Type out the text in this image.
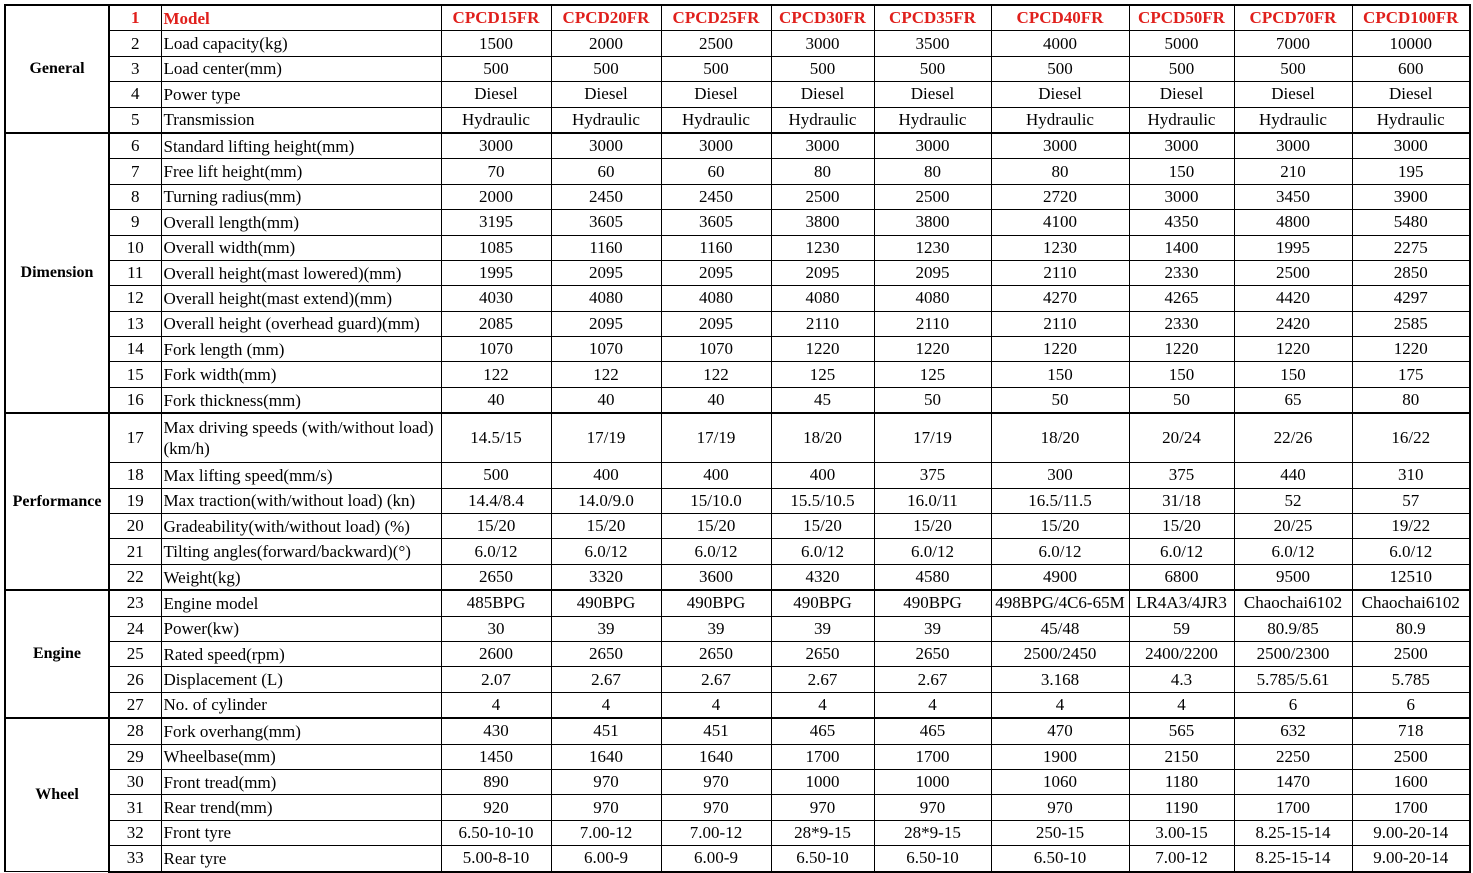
General	1	Model	CPCD15FR	CPCD20FR	CPCD25FR	CPCD30FR	CPCD35FR	CPCD40FR	CPCD50FR	CPCD70FR	CPCD100FR
	2	Load capacity(kg)	1500	2000	2500	3000	3500	4000	5000	7000	10000
	3	Load center(mm)	500	500	500	500	500	500	500	500	600
	4	Power type	Diesel	Diesel	Diesel	Diesel	Diesel	Diesel	Diesel	Diesel	Diesel
	5	Transmission	Hydraulic	Hydraulic	Hydraulic	Hydraulic	Hydraulic	Hydraulic	Hydraulic	Hydraulic	Hydraulic
Dimension	6	Standard lifting height(mm)	3000	3000	3000	3000	3000	3000	3000	3000	3000
	7	Free lift height(mm)	70	60	60	80	80	80	150	210	195
	8	Turning radius(mm)	2000	2450	2450	2500	2500	2720	3000	3450	3900
	9	Overall length(mm)	3195	3605	3605	3800	3800	4100	4350	4800	5480
	10	Overall width(mm)	1085	1160	1160	1230	1230	1230	1400	1995	2275
	11	Overall height(mast lowered)(mm)	1995	2095	2095	2095	2095	2110	2330	2500	2850
	12	Overall height(mast extend)(mm)	4030	4080	4080	4080	4080	4270	4265	4420	4297
	13	Overall height (overhead guard)(mm)	2085	2095	2095	2110	2110	2110	2330	2420	2585
	14	Fork length (mm)	1070	1070	1070	1220	1220	1220	1220	1220	1220
	15	Fork width(mm)	122	122	122	125	125	150	150	150	175
	16	Fork thickness(mm)	40	40	40	45	50	50	50	65	80
Performance	17	Max driving speeds (with/without load) (km/h)	14.5/15	17/19	17/19	18/20	17/19	18/20	20/24	22/26	16/22
	18	Max lifting speed(mm/s)	500	400	400	400	375	300	375	440	310
	19	Max traction(with/without load) (kn)	14.4/8.4	14.0/9.0	15/10.0	15.5/10.5	16.0/11	16.5/11.5	31/18	52	57
	20	Gradeability(with/without load) (%)	15/20	15/20	15/20	15/20	15/20	15/20	15/20	20/25	19/22
	21	Tilting angles(forward/backward)(°)	6.0/12	6.0/12	6.0/12	6.0/12	6.0/12	6.0/12	6.0/12	6.0/12	6.0/12
	22	Weight(kg)	2650	3320	3600	4320	4580	4900	6800	9500	12510
Engine	23	Engine model	485BPG	490BPG	490BPG	490BPG	490BPG	498BPG/4C6-65M	LR4A3/4JR3	Chaochai6102	Chaochai6102
	24	Power(kw)	30	39	39	39	39	45/48	59	80.9/85	80.9
	25	Rated speed(rpm)	2600	2650	2650	2650	2650	2500/2450	2400/2200	2500/2300	2500
	26	Displacement (L)	2.07	2.67	2.67	2.67	2.67	3.168	4.3	5.785/5.61	5.785
	27	No. of cylinder	4	4	4	4	4	4	4	6	6
Wheel	28	Fork overhang(mm)	430	451	451	465	465	470	565	632	718
	29	Wheelbase(mm)	1450	1640	1640	1700	1700	1900	2150	2250	2500
	30	Front tread(mm)	890	970	970	1000	1000	1060	1180	1470	1600
	31	Rear trend(mm)	920	970	970	970	970	970	1190	1700	1700
	32	Front tyre	6.50-10-10	7.00-12	7.00-12	28*9-15	28*9-15	250-15	3.00-15	8.25-15-14	9.00-20-14
	33	Rear tyre	5.00-8-10	6.00-9	6.00-9	6.50-10	6.50-10	6.50-10	7.00-12	8.25-15-14	9.00-20-14
